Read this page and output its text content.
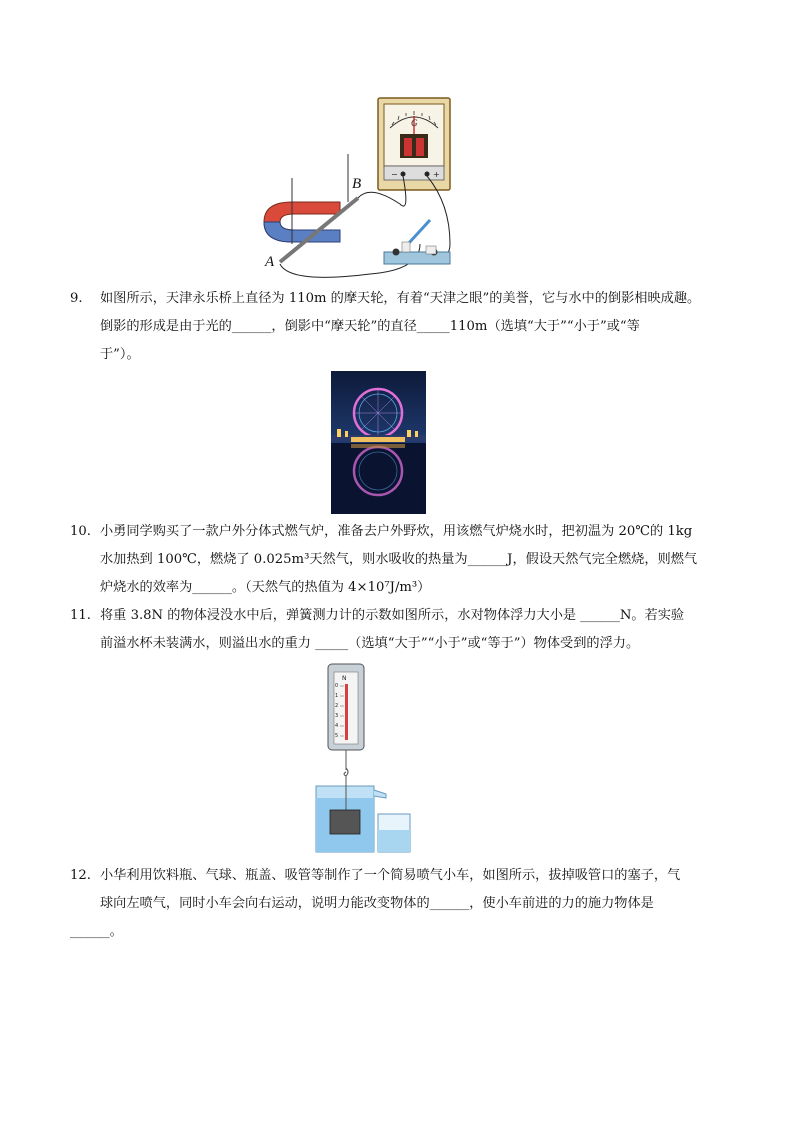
G
−	+
A
B
9.	如图所示，天津永乐桥上直径为 110m 的摩天轮，有着“天津之眼”的美誉，它与水中的倒影相映成趣。
倒影的形成是由于光的______，倒影中“摩天轮”的直径_____110m（选填“大于”“小于”或“等
于”）。
10. 小勇同学购买了一款户外分体式燃气炉，准备去户外野炊，用该燃气炉烧水时，把初温为 20℃的 1kg
水加热到 100℃，燃烧了 0.025m³天然气，则水吸收的热量为______J，假设天然气完全燃烧，则燃气
炉烧水的效率为______。（天然气的热值为 4×10⁷J/m³）
11. 将重 3.8N 的物体浸没水中后，弹簧测力计的示数如图所示，水对物体浮力大小是 ______N。若实验
前溢水杯未装满水，则溢出水的重力 _____（选填“大于”“小于”或“等于”）物体受到的浮力。
N
0
1
2
3
4
5
12. 小华利用饮料瓶、气球、瓶盖、吸管等制作了一个简易喷气小车，如图所示，拔掉吸管口的塞子，气
球向左喷气，同时小车会向右运动，说明力能改变物体的______，使小车前进的力的施力物体是
______。
